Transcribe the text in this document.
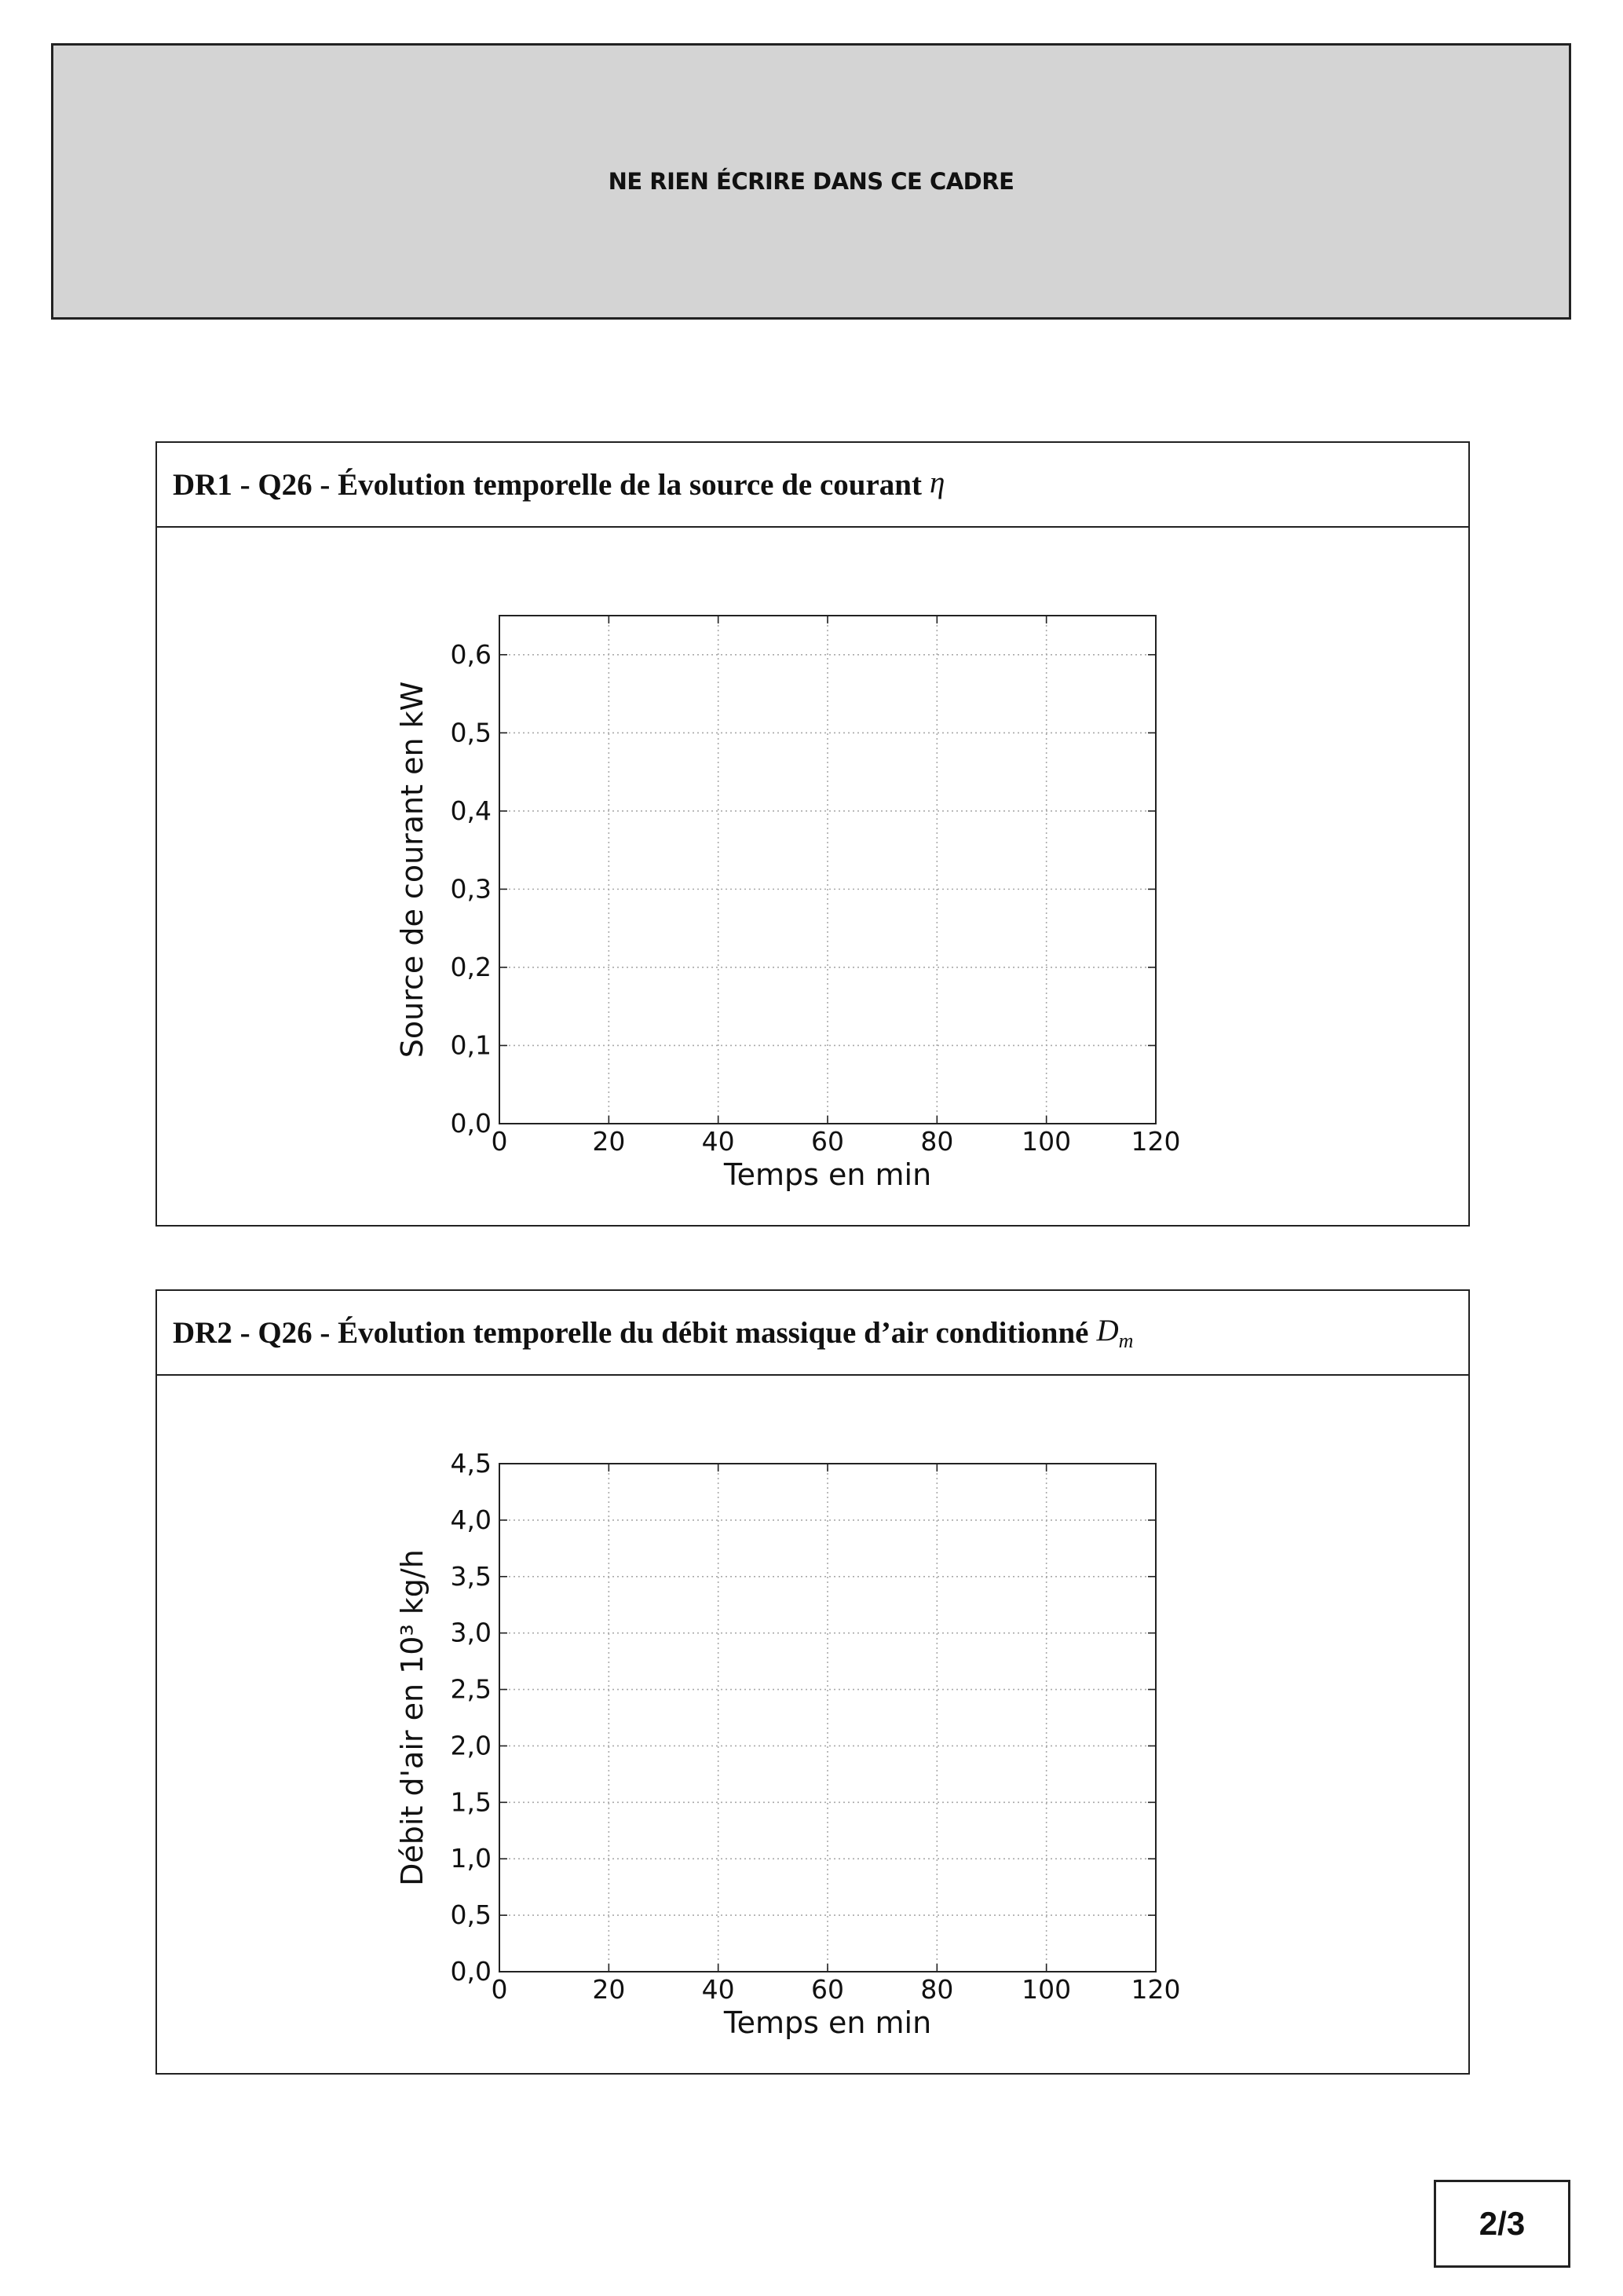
NE RIEN ÉCRIRE DANS CE CADRE
DR1 - Q26 - Évolution temporelle de la source de courant η
0	20	40	60	80	100 120
0,0
0,1
0,2
0,3
0,4
0,5
0,6
Temps en min
Source de courant en kW
DR2 - Q26 - Évolution temporelle du débit massique d’air conditionné $D_m$
0	20	40	60	80	100 120
0,0
0,5
1,0
1,5
2,0
2,5
3,0
3,5
4,0
4,5
Temps en min
Débit d'air en 10³ kg/h
2/3
